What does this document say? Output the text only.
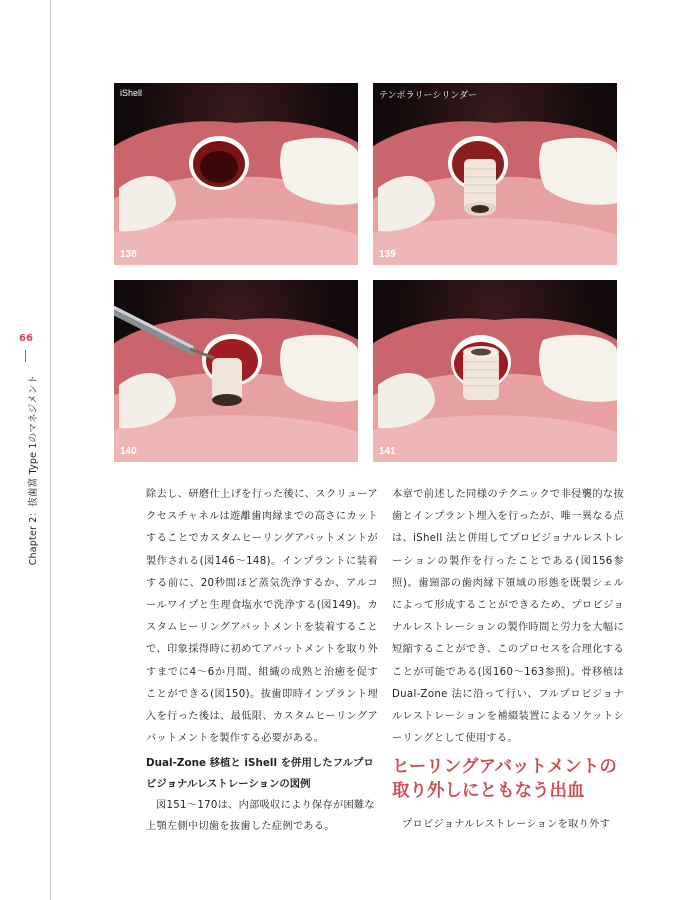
66
Chapter 2：抜歯窩 Type 1のマネジメント
iShell
138
テンポラリーシリンダー
139
140	141

除去し、研磨仕上げを行った後に、スクリューアクセスチャネルは遊離歯肉縁までの高さにカットすることでカスタムヒーリングアバットメントが製作される(図146〜148)。インプラントに装着する前に、20秒間ほど蒸気洗浄するか、アルコールワイプと生理食塩水で洗浄する(図149)。カスタムヒーリングアバットメントを装着することで、印象採得時に初めてアバットメントを取り外すまでに4〜6か月間、組織の成熟と治癒を促すことができる(図150)。抜歯即時インプラント埋入を行った後は、最低限、カスタムヒーリングアバットメントを製作する必要がある。

本章で前述した同様のテクニックで非侵襲的な抜歯とインプラント埋入を行ったが、唯一異なる点は、iShell 法と併用してプロビジョナルレストレーションの製作を行ったことである(図156参照)。歯頸部の歯肉縁下領域の形態を既製シェルによって形成することができるため、プロビジョナルレストレーションの製作時間と労力を大幅に短縮することができ、このプロセスを合理化することが可能である(図160〜163参照)。骨移植は Dual-Zone 法に沿って行い、フルプロビジョナルレストレーションを補綴装置によるソケットシーリングとして使用する。

Dual-Zone 移植と iShell を併用したフルプロビジョナルレストレーションの図例
図151〜170は、内部吸収により保存が困難な上顎左側中切歯を抜歯した症例である。
ヒーリングアバットメントの取り外しにともなう出血
プロビジョナルレストレーションを取り外す
